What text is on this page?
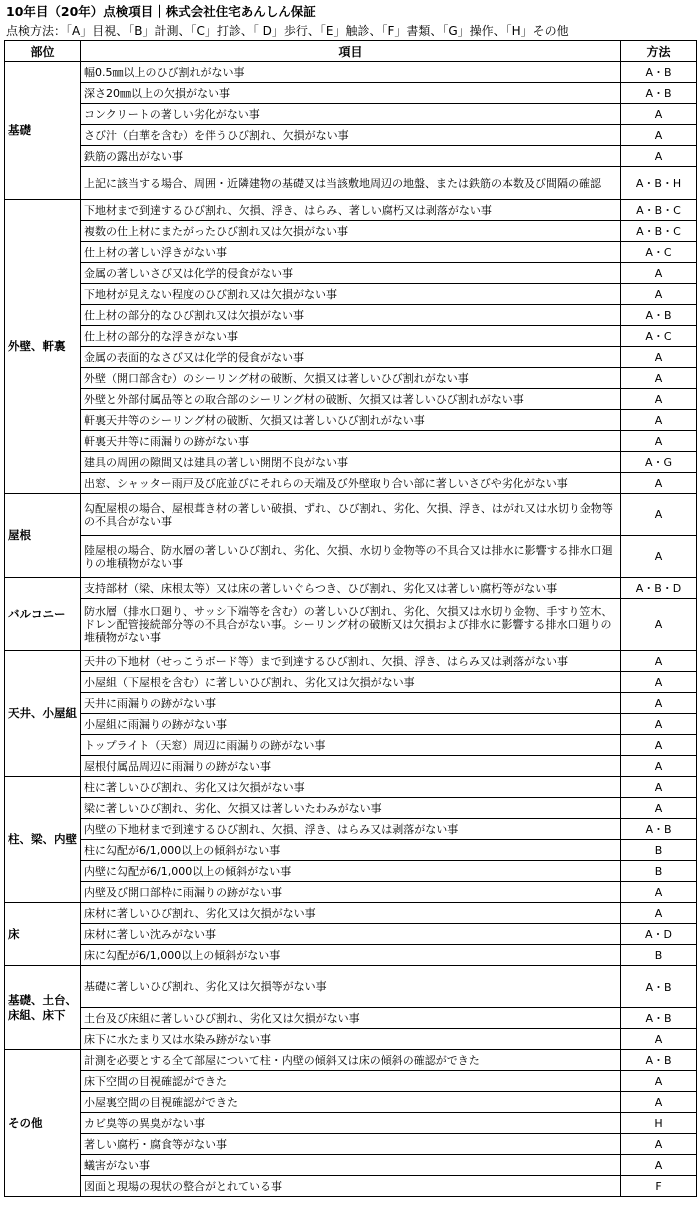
10年目（20年）点検項目｜株式会社住宅あんしん保証
点検方法：「A」目視、「B」計測、「C」打診、「 D」歩行、「E」触診、「F」書類、「G」操作、「H」その他
部位	項目	方法
基礎	幅0.5㎜以上のひび割れがない事	A・B
	深さ20㎜以上の欠損がない事	A・B
	コンクリートの著しい劣化がない事	A
	さび汁（白華を含む）を伴うひび割れ、欠損がない事	A
	鉄筋の露出がない事	A
	上記に該当する場合、周囲・近隣建物の基礎又は当該敷地周辺の地盤、または鉄筋の本数及び間隔の確認	A・B・H
外壁、軒裏	下地材まで到達するひび割れ、欠損、浮き、はらみ、著しい腐朽又は剥落がない事	A・B・C
	複数の仕上材にまたがったひび割れ又は欠損がない事	A・B・C
	仕上材の著しい浮きがない事	A・C
	金属の著しいさび又は化学的侵食がない事	A
	下地材が見えない程度のひび割れ又は欠損がない事	A
	仕上材の部分的なひび割れ又は欠損がない事	A・B
	仕上材の部分的な浮きがない事	A・C
	金属の表面的なさび又は化学的侵食がない事	A
	外壁（開口部含む）のシーリング材の破断、欠損又は著しいひび割れがない事	A
	外壁と外部付属品等との取合部のシーリング材の破断、欠損又は著しいひび割れがない事	A
	軒裏天井等のシーリング材の破断、欠損又は著しいひび割れがない事	A
	軒裏天井等に雨漏りの跡がない事	A
	建具の周囲の隙間又は建具の著しい開閉不良がない事	A・G
	出窓、シャッター雨戸及び庇並びにそれらの天端及び外壁取り合い部に著しいさびや劣化がない事	A
屋根	勾配屋根の場合、屋根葺き材の著しい破損、ずれ、ひび割れ、劣化、欠損、浮き、はがれ又は水切り金物等の不具合がない事	A
	陸屋根の場合、防水層の著しいひび割れ、劣化、欠損、水切り金物等の不具合又は排水に影響する排水口廻りの堆積物がない事	A
バルコニー	支持部材（梁、床根太等）又は床の著しいぐらつき、ひび割れ、劣化又は著しい腐朽等がない事	A・B・D
	防水層（排水口廻り、サッシ下端等を含む）の著しいひび割れ、劣化、欠損又は水切り金物、手すり笠木、ドレン配管接続部分等の不具合がない事。シーリング材の破断又は欠損および排水に影響する排水口廻りの堆積物がない事	A
天井、小屋組	天井の下地材（せっこうボード等）まで到達するひび割れ、欠損、浮き、はらみ又は剥落がない事	A
	小屋組（下屋根を含む）に著しいひび割れ、劣化又は欠損がない事	A
	天井に雨漏りの跡がない事	A
	小屋組に雨漏りの跡がない事	A
	トップライト（天窓）周辺に雨漏りの跡がない事	A
	屋根付属品周辺に雨漏りの跡がない事	A
柱、梁、内壁	柱に著しいひび割れ、劣化又は欠損がない事	A
	梁に著しいひび割れ、劣化、欠損又は著しいたわみがない事	A
	内壁の下地材まで到達するひび割れ、欠損、浮き、はらみ又は剥落がない事	A・B
	柱に勾配が6/1,000以上の傾斜がない事	B
	内壁に勾配が6/1,000以上の傾斜がない事	B
	内壁及び開口部枠に雨漏りの跡がない事	A
床	床材に著しいひび割れ、劣化又は欠損がない事	A
	床材に著しい沈みがない事	A・D
	床に勾配が6/1,000以上の傾斜がない事	B
基礎、土台、床組、床下	基礎に著しいひび割れ、劣化又は欠損等がない事	A・B
	土台及び床組に著しいひび割れ、劣化又は欠損がない事	A・B
	床下に水たまり又は水染み跡がない事	A
その他	計測を必要とする全て部屋について柱・内壁の傾斜又は床の傾斜の確認ができた	A・B
	床下空間の目視確認ができた	A
	小屋裏空間の目視確認ができた	A
	カビ臭等の異臭がない事	H
	著しい腐朽・腐食等がない事	A
	蟻害がない事	A
	図面と現場の現状の整合がとれている事	F
